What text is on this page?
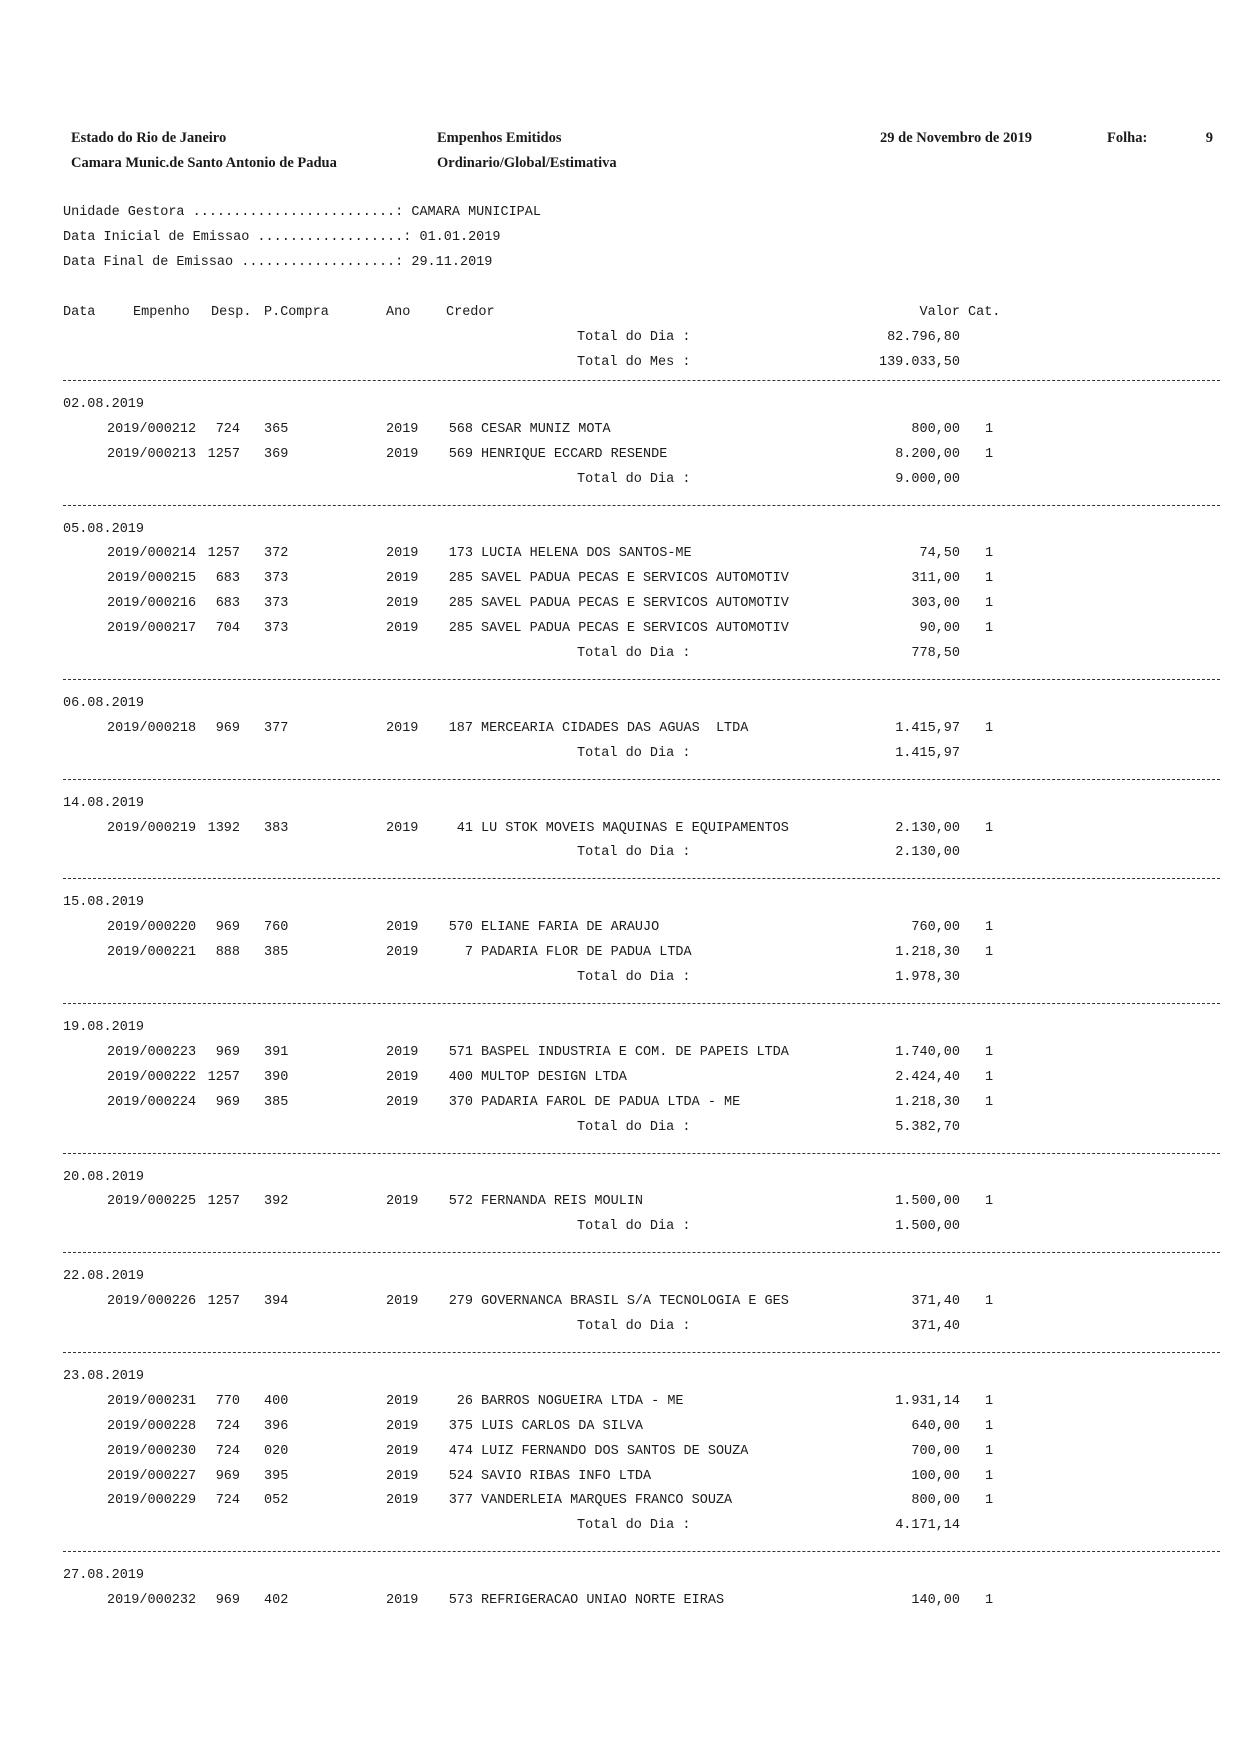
Estado do Rio de Janeiro
Camara Munic.de Santo Antonio de Padua
Empenhos Emitidos
Ordinario/Global/Estimativa
29 de Novembro de 2019	Folha:	9
Unidade Gestora .........................: CAMARA MUNICIPAL
Data Inicial de Emissao ..................: 01.01.2019
Data Final de Emissao ...................: 29.11.2019
Data	Empenho Desp. P.Compra	Ano	Credor	Valor Cat.
Total do Dia :	82.796,80
Total do Mes :	139.033,50
02.08.2019
2019/000212	724 365	2019	568 CESAR MUNIZ MOTA	800,00 1
2019/000213 1257 369	2019	569 HENRIQUE ECCARD RESENDE	8.200,00 1
Total do Dia :	9.000,00
05.08.2019
2019/000214 1257 372	2019	173 LUCIA HELENA DOS SANTOS-ME	74,50 1
2019/000215	683 373	2019	285 SAVEL PADUA PECAS E SERVICOS AUTOMOTIV	311,00 1
2019/000216	683 373	2019	285 SAVEL PADUA PECAS E SERVICOS AUTOMOTIV	303,00 1
2019/000217	704 373	2019	285 SAVEL PADUA PECAS E SERVICOS AUTOMOTIV	90,00 1
Total do Dia :	778,50
06.08.2019
2019/000218	969 377	2019	187 MERCEARIA CIDADES DAS AGUAS  LTDA	1.415,97 1
Total do Dia :	1.415,97
14.08.2019
2019/000219 1392 383	2019	41 LU STOK MOVEIS MAQUINAS E EQUIPAMENTOS	2.130,00 1
Total do Dia :	2.130,00
15.08.2019
2019/000220	969 760	2019	570 ELIANE FARIA DE ARAUJO	760,00 1
2019/000221	888 385	2019	7 PADARIA FLOR DE PADUA LTDA	1.218,30 1
Total do Dia :	1.978,30
19.08.2019
2019/000223	969 391	2019	571 BASPEL INDUSTRIA E COM. DE PAPEIS LTDA	1.740,00 1
2019/000222 1257 390	2019	400 MULTOP DESIGN LTDA	2.424,40 1
2019/000224	969 385	2019	370 PADARIA FAROL DE PADUA LTDA - ME	1.218,30 1
Total do Dia :	5.382,70
20.08.2019
2019/000225 1257 392	2019	572 FERNANDA REIS MOULIN	1.500,00 1
Total do Dia :	1.500,00
22.08.2019
2019/000226 1257 394	2019	279 GOVERNANCA BRASIL S/A TECNOLOGIA E GES	371,40 1
Total do Dia :	371,40
23.08.2019
2019/000231	770 400	2019	26 BARROS NOGUEIRA LTDA - ME	1.931,14 1
2019/000228	724 396	2019	375 LUIS CARLOS DA SILVA	640,00 1
2019/000230	724 020	2019	474 LUIZ FERNANDO DOS SANTOS DE SOUZA	700,00 1
2019/000227	969 395	2019	524 SAVIO RIBAS INFO LTDA	100,00 1
2019/000229	724 052	2019	377 VANDERLEIA MARQUES FRANCO SOUZA	800,00 1
Total do Dia :	4.171,14
27.08.2019
2019/000232	969 402	2019	573 REFRIGERACAO UNIAO NORTE EIRAS	140,00 1
